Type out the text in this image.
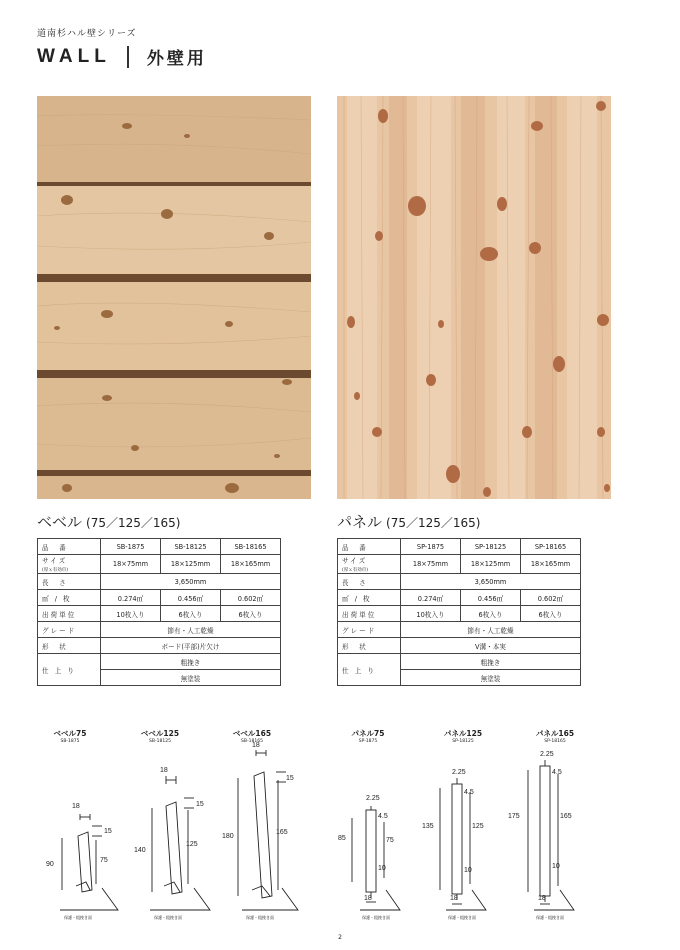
道南杉ハル壁シリーズ
WALL 外壁用
ベベル (75／125／165)	パネル (75／125／165)
品　番	SB-1875	SB-18125	SB-18165
サイズ
(厚ｘ有効巾)	18×75mm	18×125mm	18×165mm
長　さ	3,650mm		
㎡ / 枚	0.274㎡	0.456㎡	0.602㎡
出荷単位	10枚入り	6枚入り	6枚入り
グレード	節有・人工乾燥		
形　状	ボード(平部)片欠け		
仕 上 り	粗挽き		
	無塗装		
品　番	SP-1875	SP-18125	SP-18165
サイズ
(厚ｘ有効巾)	18×75mm	18×125mm	18×165mm
長　さ	3,650mm		
㎡ / 枚	0.274㎡	0.456㎡	0.602㎡
出荷単位	10枚入り	6枚入り	6枚入り
グレード	節有・人工乾燥		
形　状	V溝・本実		
仕 上 り	粗挽き		
	無塗装		
ベベル75
SB-1875
ベベル125
SB-18125
ベベル165
SB-18165
パネル75
SP-1875
パネル125
SP-18125
パネル165
SP-18165
18
15
90
75
18
15
140
125
18
15
180
165
2.25
4.5
85	75
10
18
2.25
4.5
135	125
10
18
2.25
4.5
175	165
10
18
保護・粗挽き面	保護・粗挽き面	保護・粗挽き面	保護・粗挽き面	保護・粗挽き面	保護・粗挽き面
2
